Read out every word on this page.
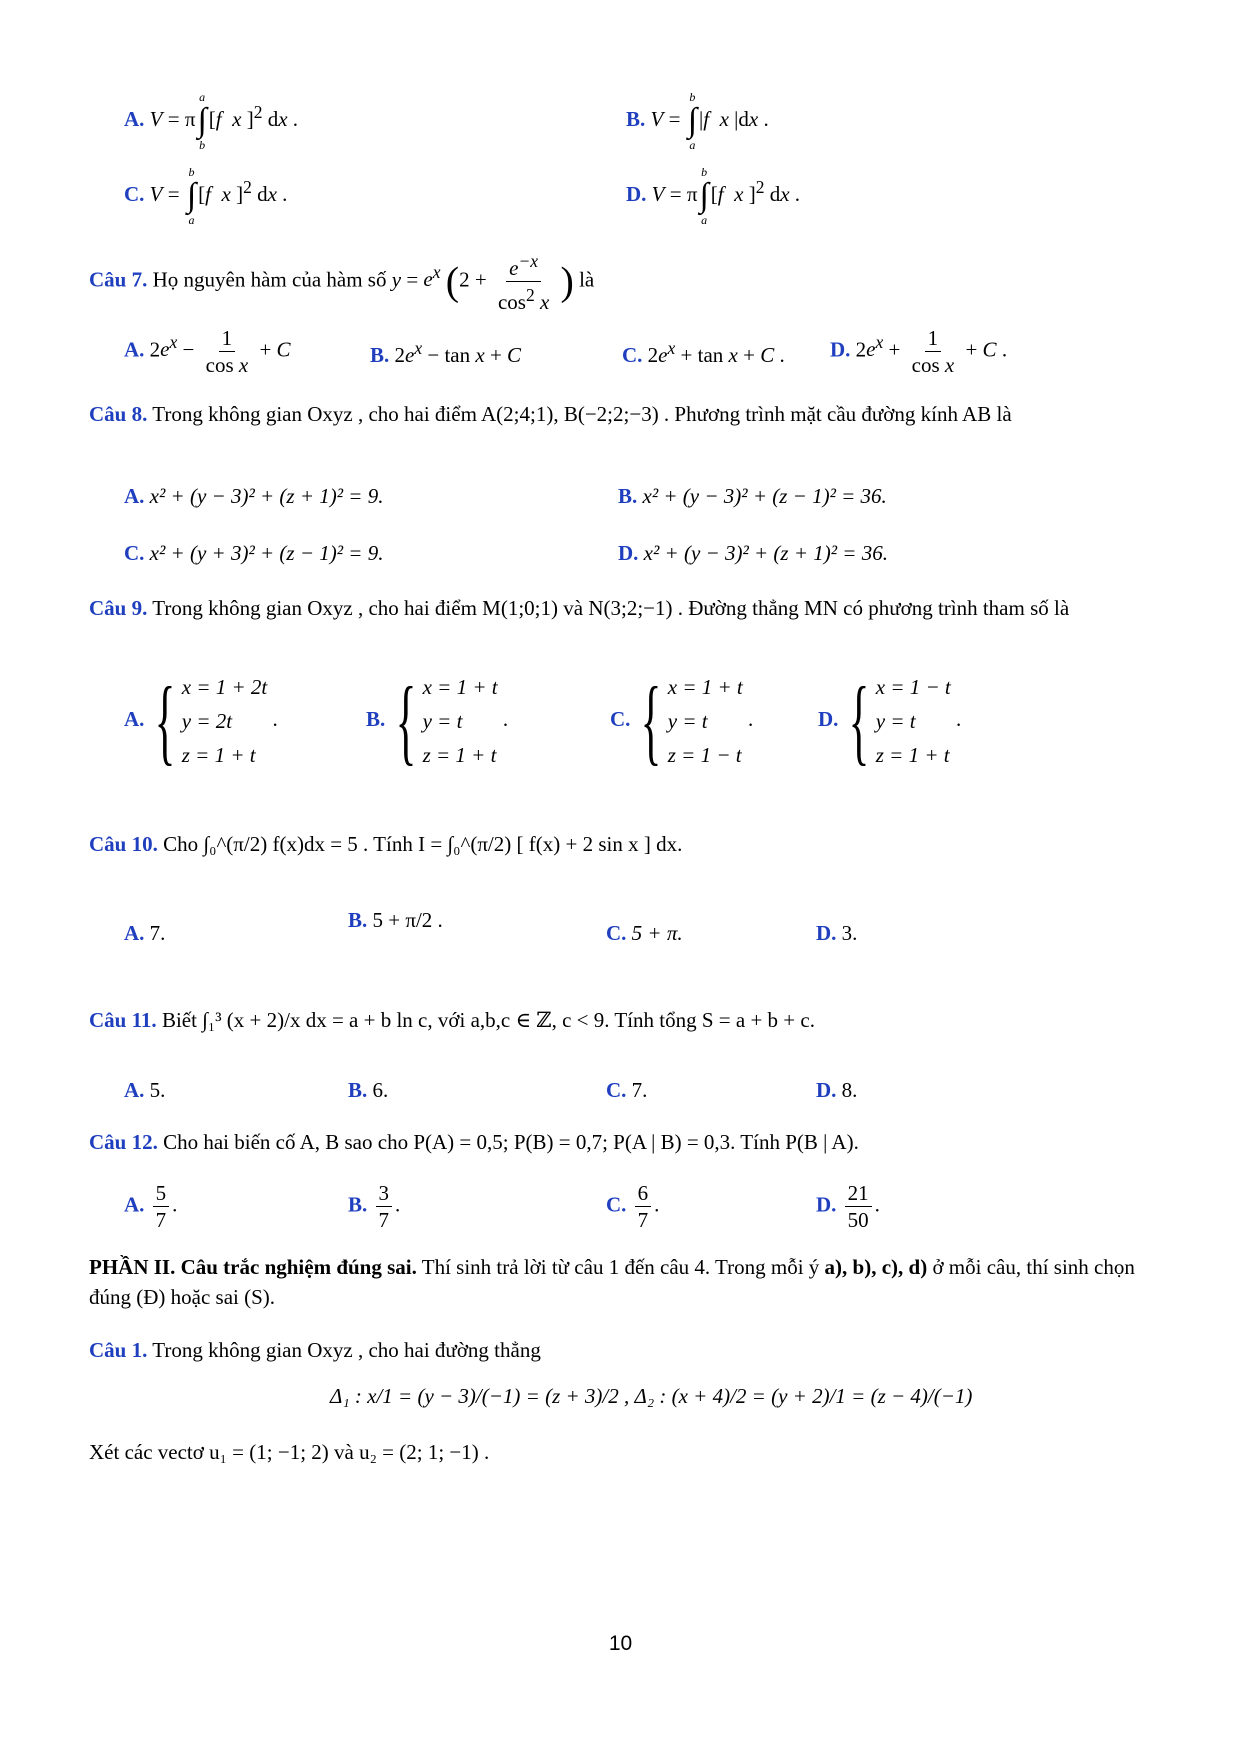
A. V = π
a
∫
b
[f x ]$^2$ dx .	B. V =
b
∫
a
|f x |dx .
C. V =
b
∫
a
[f x ]$^2$ dx .	D. V = π
b
∫
a
[f x ]$^2$ dx .
Câu 7. Họ nguyên hàm của hàm số $y = e^x$ ($2 + \frac{e^{-x}}{\cos^2 x}$ ) là
A. $2e^x - \frac{1}{\text{cos x}} + C$	B. $2e^x - \tan x + C$	C. $2e^x + \tan x + C$ . D. $2e^x + \frac{1}{\text{cos x}} + C$ .
Câu 8. Trong không gian Oxyz , cho hai điểm A(2;4;1), B(−2;2;−3) . Phương trình mặt cầu đường kính AB là
A. x² + (y − 3)² + (z + 1)² = 9.	B. x² + (y − 3)² + (z − 1)² = 36.
C. x² + (y + 3)² + (z − 1)² = 9.	D. x² + (y − 3)² + (z + 1)² = 36.
Câu 9. Trong không gian Oxyz , cho hai điểm M(1;0;1) và N(3;2;−1) . Đường thẳng MN có phương trình tham số là
A. { x = 1 + 2t
y = 2t
z = 1 + t
.	B. { x = 1 + t
y = t
z = 1 + t
.	C. { x = 1 + t
y = t
z = 1 − t
.	D. { x = 1 − t
y = t
z = 1 + t
.
Câu 10. Cho ∫₀^(π/2) f(x)dx = 5 . Tính I = ∫₀^(π/2) [ f(x) + 2 sin x ] dx.
A. 7.
B. 5 + π/2 .
C. 5 + π.	D. 3.
Câu 11. Biết ∫₁³ (x + 2)/x dx = a + b ln c, với a,b,c ∈ ℤ, c < 9. Tính tổng S = a + b + c.
A. 5.	B. 6.	C. 7.	D. 8.
Câu 12. Cho hai biến cố A, B sao cho P(A) = 0,5; P(B) = 0,7; P(A | B) = 0,3. Tính P(B | A).
A. $\frac{5}{7}$ .	B. $\frac{3}{7}$ .	C. $\frac{6}{7}$ .	D. $\frac{21}{50}$ .
PHẦN II. Câu trắc nghiệm đúng sai. Thí sinh trả lời từ câu 1 đến câu 4. Trong mỗi ý a), b), c), d) ở mỗi câu, thí sinh chọn đúng (Đ) hoặc sai (S).
Câu 1. Trong không gian Oxyz , cho hai đường thẳng
Δ₁ : x/1 = (y − 3)/(−1) = (z + 3)/2 , Δ₂ : (x + 4)/2 = (y + 2)/1 = (z − 4)/(−1)
Xét các vectơ u₁ = (1; −1; 2) và u₂ = (2; 1; −1) .
10
